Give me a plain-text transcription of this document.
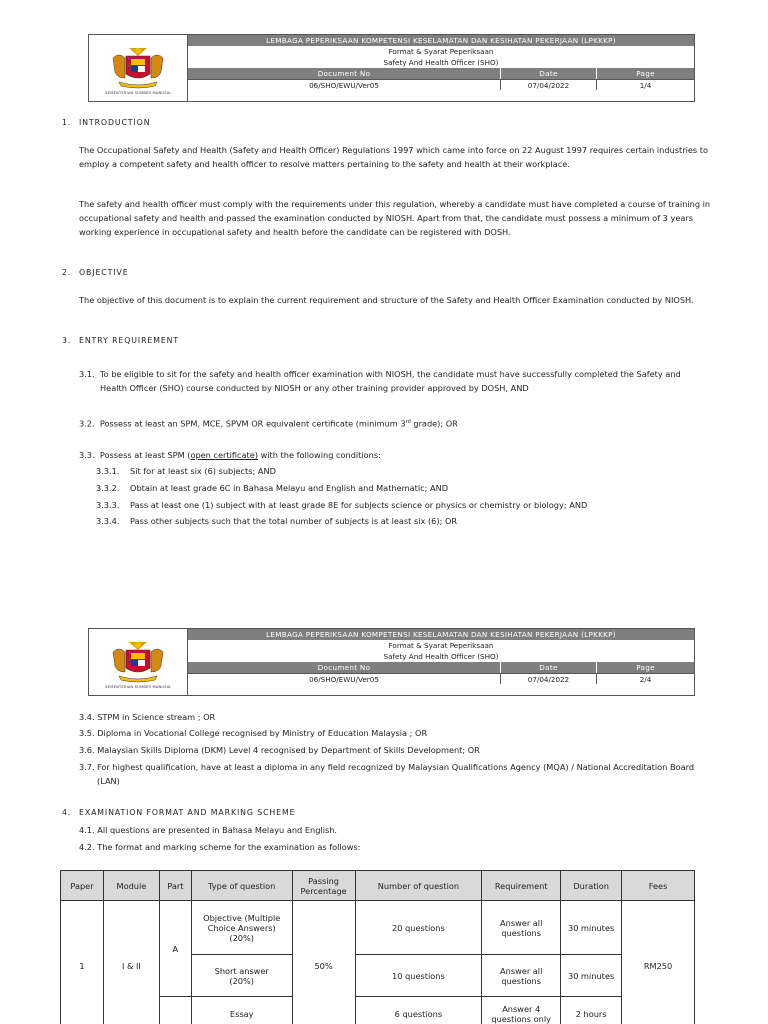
KEMENTERIAN SUMBER MANUSIA
LEMBAGA PEPERIKSAAN KOMPETENSI KESELAMATAN DAN KESIHATAN PEKERJAAN (LPKKKP)
Format & Syarat Peperiksaan
Safety And Health Officer (SHO)
Document No	Date	Page
06/SHO/EWU/Ver05	07/04/2022	1/4
1. INTRODUCTION
The Occupational Safety and Health (Safety and Health Officer) Regulations 1997 which came into force on 22 August 1997 requires certain industries to employ a competent safety and health officer to resolve matters pertaining to the safety and health at their workplace.
The safety and health officer must comply with the requirements under this regulation, whereby a candidate must have completed a course of training in occupational safety and health and passed the examination conducted by NIOSH. Apart from that, the candidate must possess a minimum of 3 years working experience in occupational safety and health before the candidate can be registered with DOSH.
2. OBJECTIVE
The objective of this document is to explain the current requirement and structure of the Safety and Health Officer Examination conducted by NIOSH.
3. ENTRY REQUIREMENT
3.1. To be eligible to sit for the safety and health officer examination with NIOSH, the candidate must have successfully completed the Safety and Health Officer (SHO) course conducted by NIOSH or any other training provider approved by DOSH, AND
3.2. Possess at least an SPM, MCE, SPVM OR equivalent certificate (minimum 3rd grade); OR
3.3. Possess at least SPM (open certificate) with the following conditions:
3.3.1. Sit for at least six (6) subjects; AND
3.3.2. Obtain at least grade 6C in Bahasa Melayu and English and Mathematic; AND
3.3.3. Pass at least one (1) subject with at least grade 8E for subjects science or physics or chemistry or biology; AND
3.3.4. Pass other subjects such that the total number of subjects is at least six (6); OR
KEMENTERIAN SUMBER MANUSIA
LEMBAGA PEPERIKSAAN KOMPETENSI KESELAMATAN DAN KESIHATAN PEKERJAAN (LPKKKP)
Format & Syarat Peperiksaan
Safety And Health Officer (SHO)
Document No	Date	Page
06/SHO/EWU/Ver05	07/04/2022	2/4
3.4. STPM in Science stream ; OR
3.5. Diploma in Vocational College recognised by Ministry of Education Malaysia ; OR
3.6. Malaysian Skills Diploma (DKM) Level 4 recognised by Department of Skills Development; OR
3.7. For highest qualification, have at least a diploma in any field recognized by Malaysian Qualifications Agency (MQA) / National Accreditation Board (LAN)
4. EXAMINATION FORMAT AND MARKING SCHEME
4.1. All questions are presented in Bahasa Melayu and English.
4.2. The format and marking scheme for the examination as follows:
Paper	Module	Part	Type of question	Passing Percentage	Number of question	Requirement	Duration	Fees
1	I & II	A	Objective (Multiple Choice Answers)
(20%)	50%	20 questions	Answer all questions	30 minutes	RM250

			Short answer
(20%)		10 questions	Answer all questions	30 minutes	
			Essay		6 questions	Answer 4 questions only	2 hours	
